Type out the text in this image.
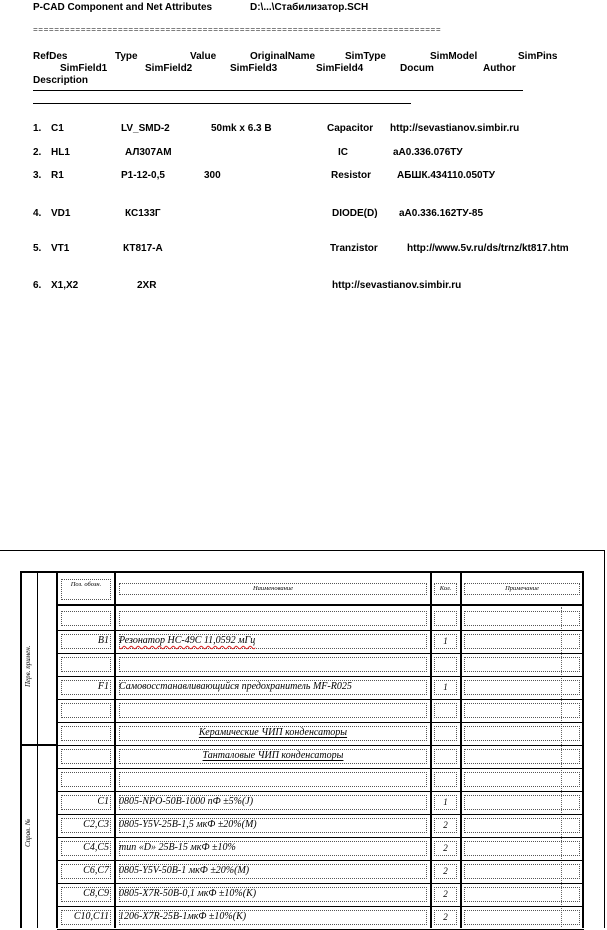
P-CAD Component and Net Attributes	D:\...\Стабилизатор.SCH
=============================================================================
RefDes	Type	Value	OriginalName	SimType	SimModel	SimPins
SimField1	SimField2	SimField3	SimField4	Docum	Author
Description
1. C1	LV_SMD-2	50mk x 6.3 B	Capacitor http://sevastianov.simbir.ru
2. HL1	АЛ307АМ	IC	аА0.336.076ТУ
3. R1	Р1-12-0,5	300	Resistor	АБШК.434110.050ТУ
4. VD1	КС133Г	DIODE(D) аА0.336.162ТУ-85
5. VT1	КТ817-А	Tranzistor	http://www.5v.ru/ds/trnz/kt817.htm
6. X1,X2	2XR	http://sevastianov.simbir.ru
Перв. примен.
Справ. №
Поз. обозн.
Наименование	Кол.	Примечание
B1 Резонатор НС-49С 11,0592 мГц	1
F1 Самовосстанавливающийся предохранитель MF-R025	1
Керамические ЧИП конденсаторы
Танталовые ЧИП конденсаторы
C1 0805-NPO-50B-1000 пФ ±5%(J)	1
C2,C3 0805-Y5V-25B-1,5 мкФ ±20%(M)	2
C4,C5 тип «D» 25В-15 мкФ ±10%	2
C6,C7 0805-Y5V-50B-1 мкФ ±20%(M)	2
C8,C9 0805-X7R-50B-0,1 мкФ ±10%(K)	2
C10,C11 1206-X7R-25B-1мкФ ±10%(K)	2
